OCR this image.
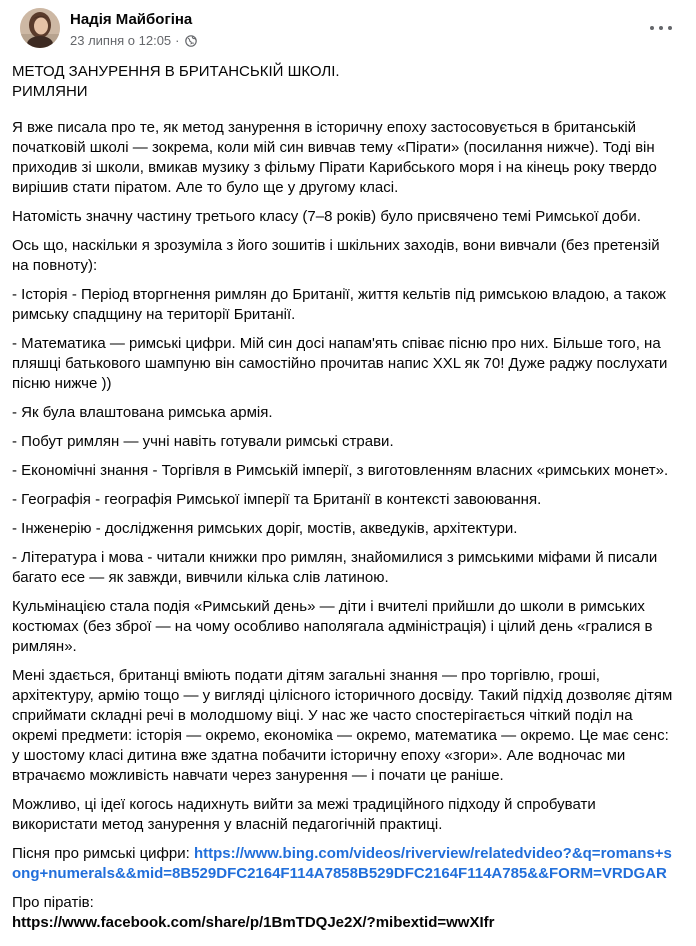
Надія Майбогіна
23 липня о 12:05 ·
МЕТОД ЗАНУРЕННЯ В БРИТАНСЬКІЙ ШКОЛІ.
РИМЛЯНИ
Я вже писала про те, як метод занурення в історичну епоху застосовується в британській початковій школі — зокрема, коли мій син вивчав тему «Пірати» (посилання нижче). Тоді він приходив зі школи, вмикав музику з фільму Пірати Карибського моря і на кінець року твердо вирішив стати піратом. Але то було ще у другому класі.
Натомість значну частину третього класу (7–8 років) було присвячено темі Римської доби.
Ось що, наскільки я зрозуміла з його зошитів і шкільних заходів, вони вивчали (без претензій на повноту):
- Історія - Період вторгнення римлян до Британії, життя кельтів під римською владою, а також римську спадщину на території Британії.
- Математика — римські цифри. Мій син досі напам'ять співає пісню про них. Більше того, на пляшці батькового шампуню він самостійно прочитав напис XXL як 70! Дуже раджу послухати пісню нижче ))
- Як була влаштована римська армія.
- Побут римлян — учні навіть готували римські страви.
- Економічні знання - Торгівля в Римській імперії, з виготовленням власних «римських монет».
- Географія - географія Римської імперії та Британії в контексті завоювання.
- Інженерію - дослідження римських доріг, мостів, акведуків, архітектури.
- Література і мова - читали книжки про римлян, знайомилися з римськими міфами й писали багато есе — як завжди, вивчили кілька слів латиною.
Кульмінацією стала подія «Римський день» — діти і вчителі прийшли до школи в римських костюмах (без зброї — на чому особливо наполягала адміністрація) і цілий день «гралися в римлян».
Мені здається, британці вміють подати дітям загальні знання — про торгівлю, гроші, архітектуру, армію тощо — у вигляді цілісного історичного досвіду. Такий підхід дозволяє дітям сприймати складні речі в молодшому віці. У нас же часто спостерігається чіткий поділ на окремі предмети: історія — окремо, економіка — окремо, математика — окремо. Це має сенс: у шостому класі дитина вже здатна побачити історичну епоху «згори». Але водночас ми втрачаємо можливість навчати через занурення — і почати це раніше.
Можливо, ці ідеї когось надихнуть вийти за межі традиційного підходу й спробувати використати метод занурення у власній педагогічній практиці.
Пісня про римські цифри: https://www.bing.com/videos/riverview/relatedvideo?&q=romans+song+numerals&&mid=8B529DFC2164F114A7858B529DFC2164F114A785&&FORM=VRDGAR
Про піратів:
https://www.facebook.com/share/p/1BmTDQJe2X/?mibextid=wwXIfr
